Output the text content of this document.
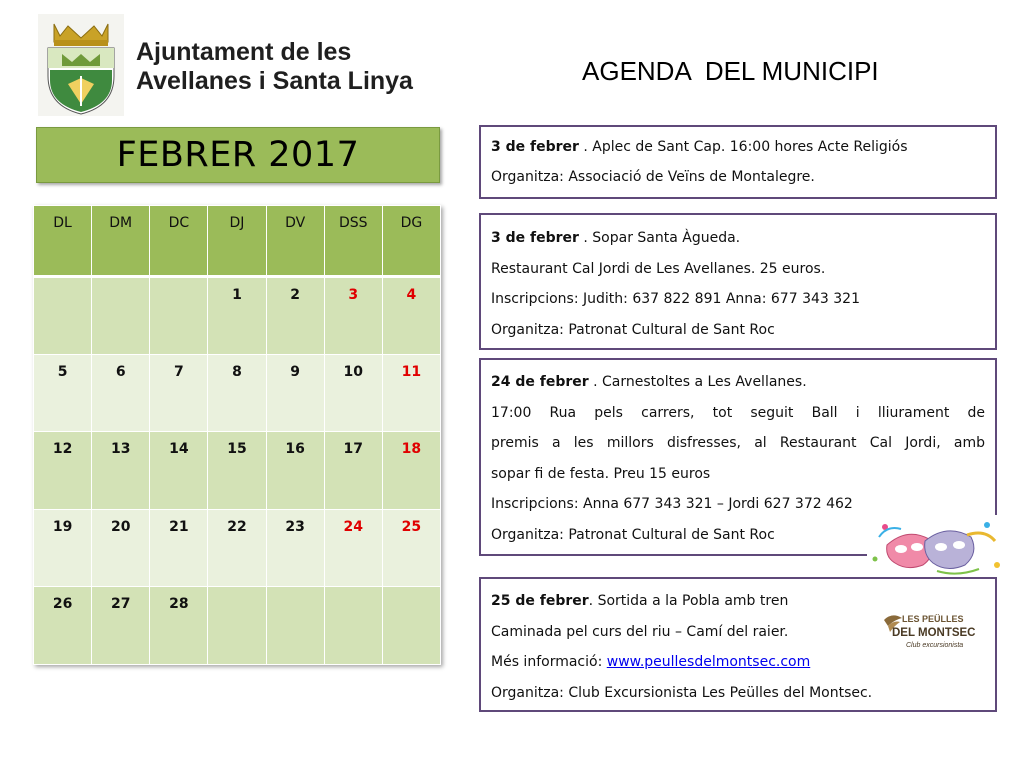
Ajuntament de les
Avellanes i Santa Linya	AGENDA  DEL MUNICIPI
FEBRER 2017
DL	DM	DC	DJ	DV	DSS	DG
			1	2	3	4
5	6	7	8	9	10	11
12	13	14	15	16	17	18
19	20	21	22	23	24	25
26	27	28				

3 de febrer . Aplec de Sant Cap. 16:00 hores Acte Religiós

Organitza: Associació de Veïns de Montalegre.

3 de febrer . Sopar Santa Àgueda.

Restaurant Cal Jordi de Les Avellanes. 25 euros.

Inscripcions: Judith: 637 822 891 Anna: 677 343 321

Organitza: Patronat Cultural de Sant Roc

24 de febrer . Carnestoltes a Les Avellanes.

17:00 Rua pels carrers, tot seguit Ball i lliurament de

premis a les millors disfresses, al Restaurant Cal Jordi, amb

sopar fi de festa. Preu 15 euros

Inscripcions: Anna 677 343 321 – Jordi 627 372 462

Organitza: Patronat Cultural de Sant Roc

25 de febrer. Sortida a la Pobla amb tren

Caminada pel curs del riu – Camí del raier.

Més informació: www.peullesdelmontsec.com

Organitza: Club Excursionista Les Peülles del Montsec.

LES PEÜLLES
DEL MONTSEC
Club excursionista
